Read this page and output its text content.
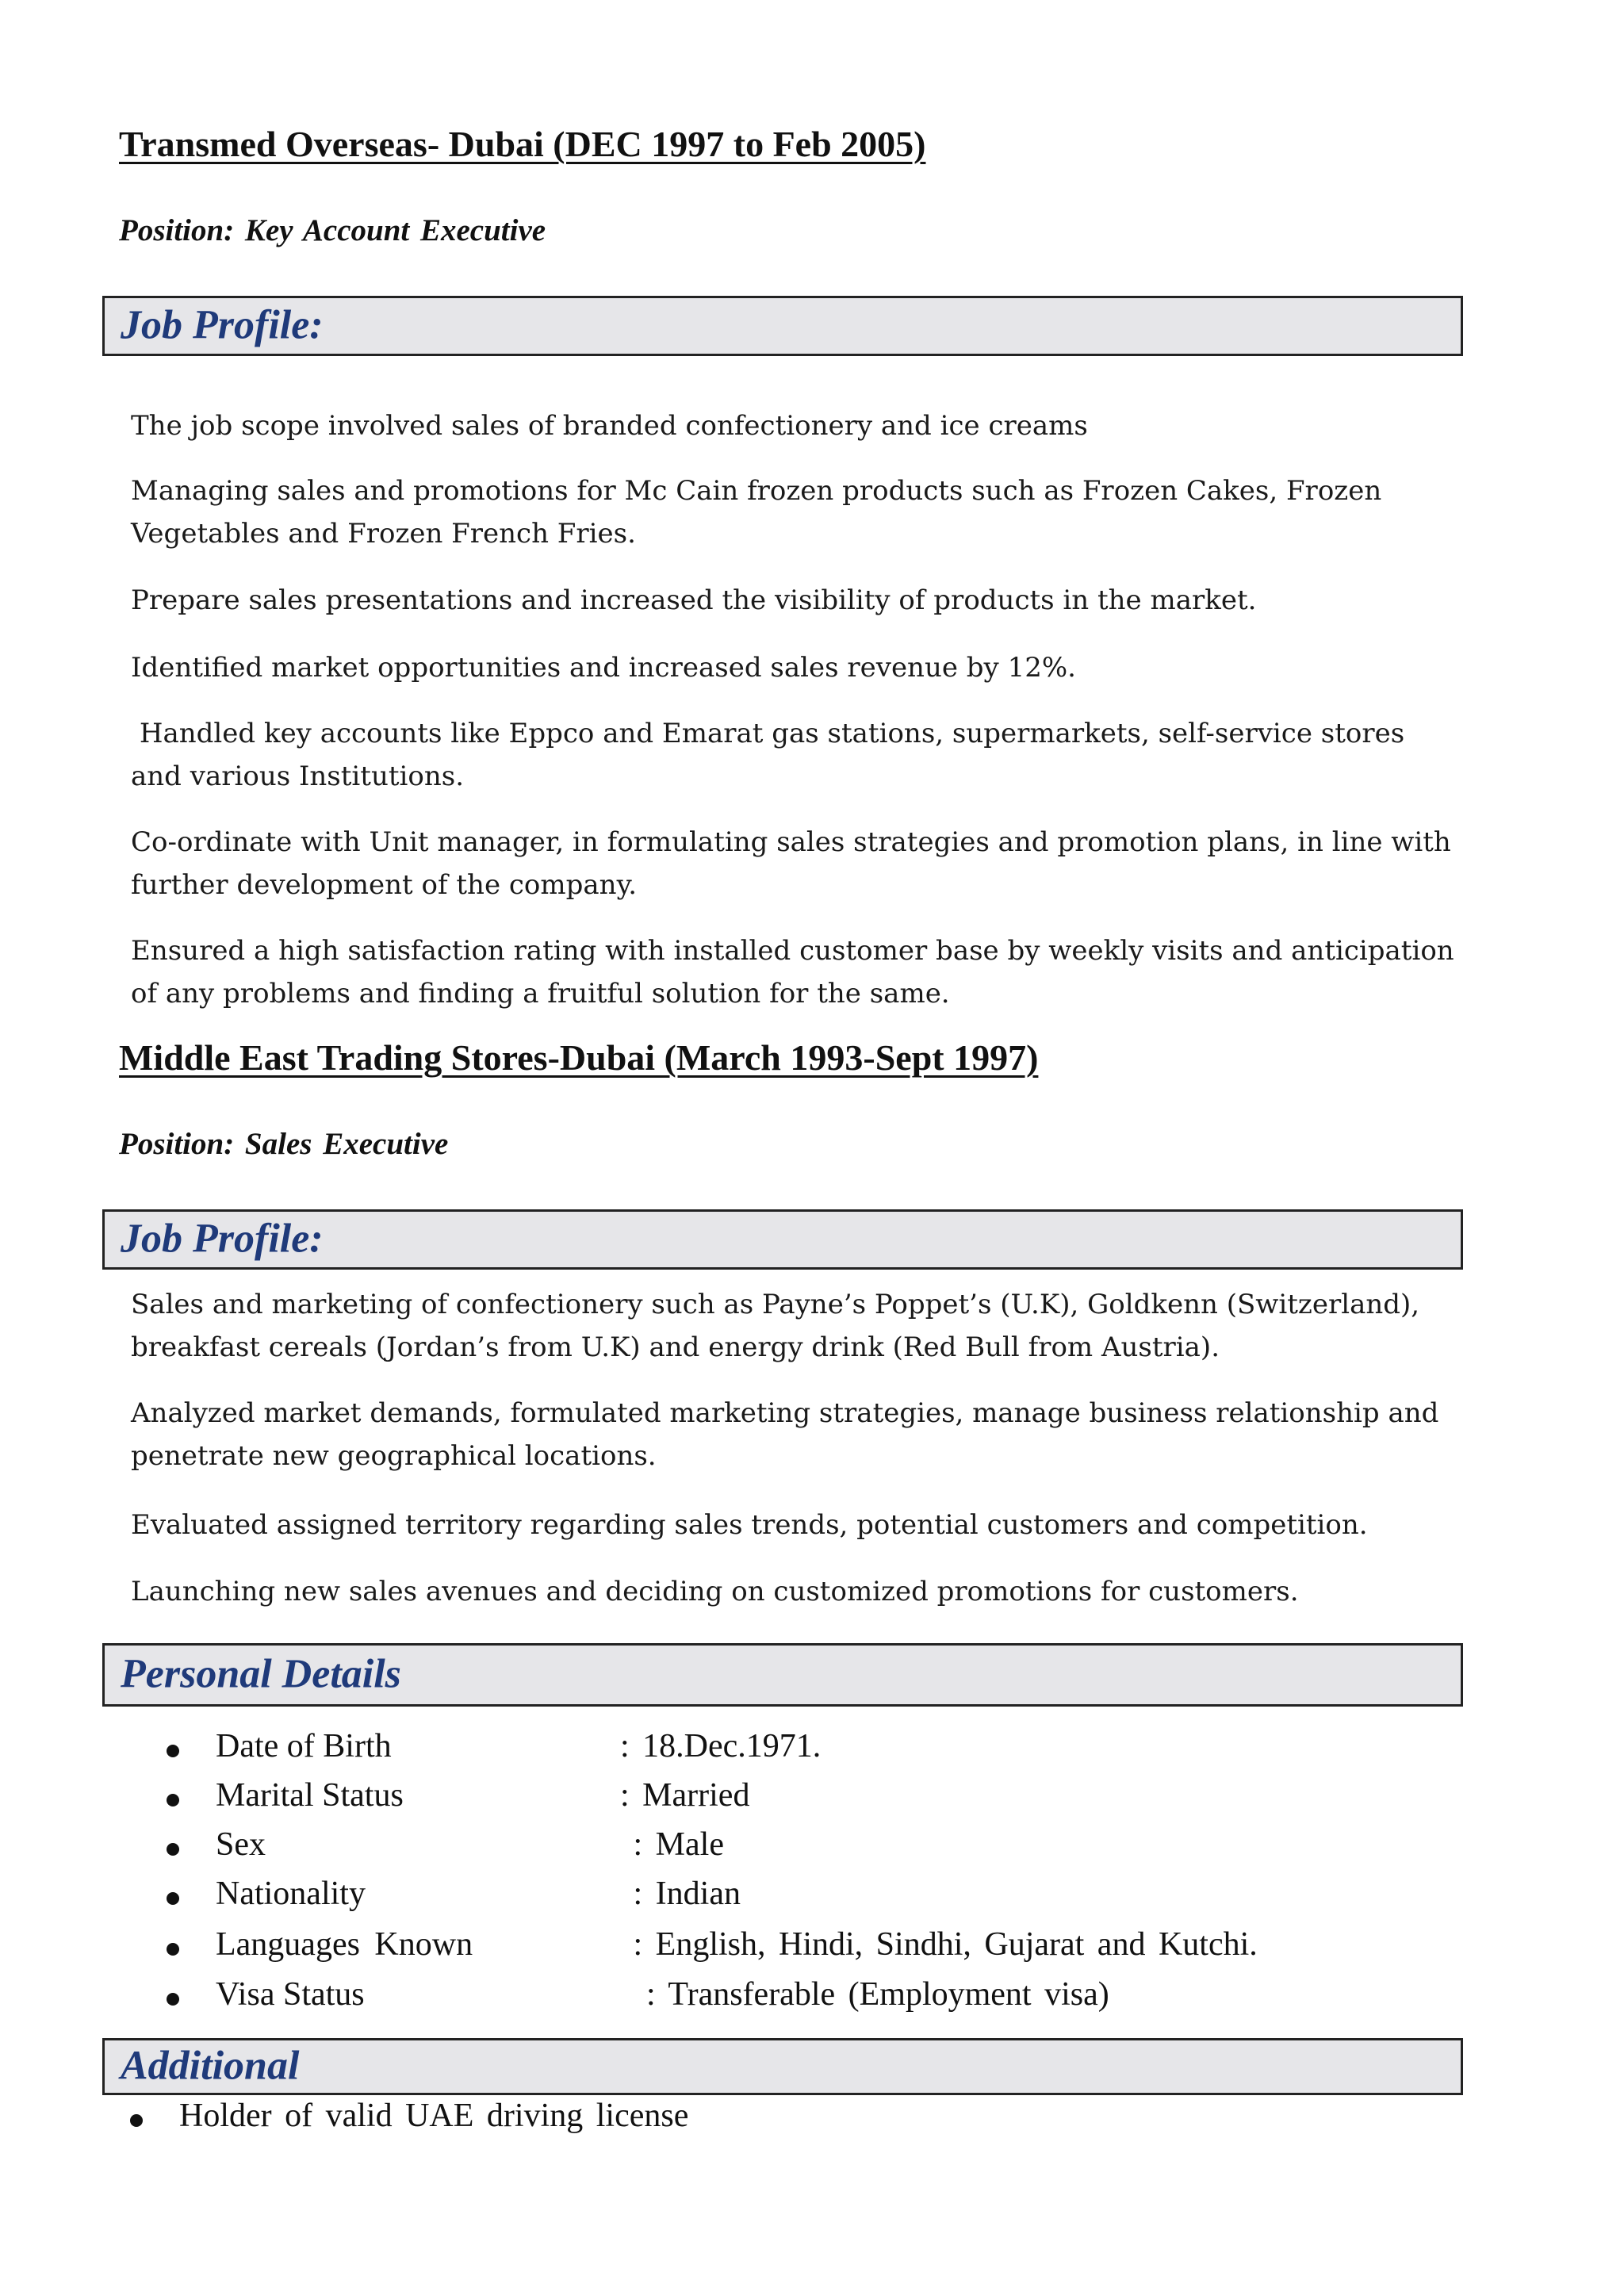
Transmed Overseas- Dubai (DEC 1997 to Feb 2005)
Position: Key Account Executive
Job Profile:

The job scope involved sales of branded confectionery and ice creams

Managing sales and promotions for Mc Cain frozen products such as Frozen Cakes, Frozen Vegetables and Frozen French Fries.

Prepare sales presentations and increased the visibility of products in the market.

Identified market opportunities and increased sales revenue by 12%.

Handled key accounts like Eppco and Emarat gas stations, supermarkets, self-service stores and various Institutions.

Co-ordinate with Unit manager, in formulating sales strategies and promotion plans, in line with further development of the company.

Ensured a high satisfaction rating with installed customer base by weekly visits and anticipation of any problems and finding a fruitful solution for the same.

Middle East Trading Stores-Dubai (March 1993-Sept 1997)
Position: Sales Executive
Job Profile:

Sales and marketing of confectionery such as Payne’s Poppet’s (U.K), Goldkenn (Switzerland), breakfast cereals (Jordan’s from U.K) and energy drink (Red Bull from Austria).

Analyzed market demands, formulated marketing strategies, manage business relationship and penetrate new geographical locations.

Evaluated assigned territory regarding sales trends, potential customers and competition.

Launching new sales avenues and deciding on customized promotions for customers.

Personal Details
Date of Birth	: 18.Dec.1971.
Marital Status	: Married
Sex	: Male
Nationality	: Indian
Languages Known	: English, Hindi, Sindhi, Gujarat and Kutchi.
Visa Status	: Transferable (Employment visa)
Additional
Holder of valid UAE driving license
